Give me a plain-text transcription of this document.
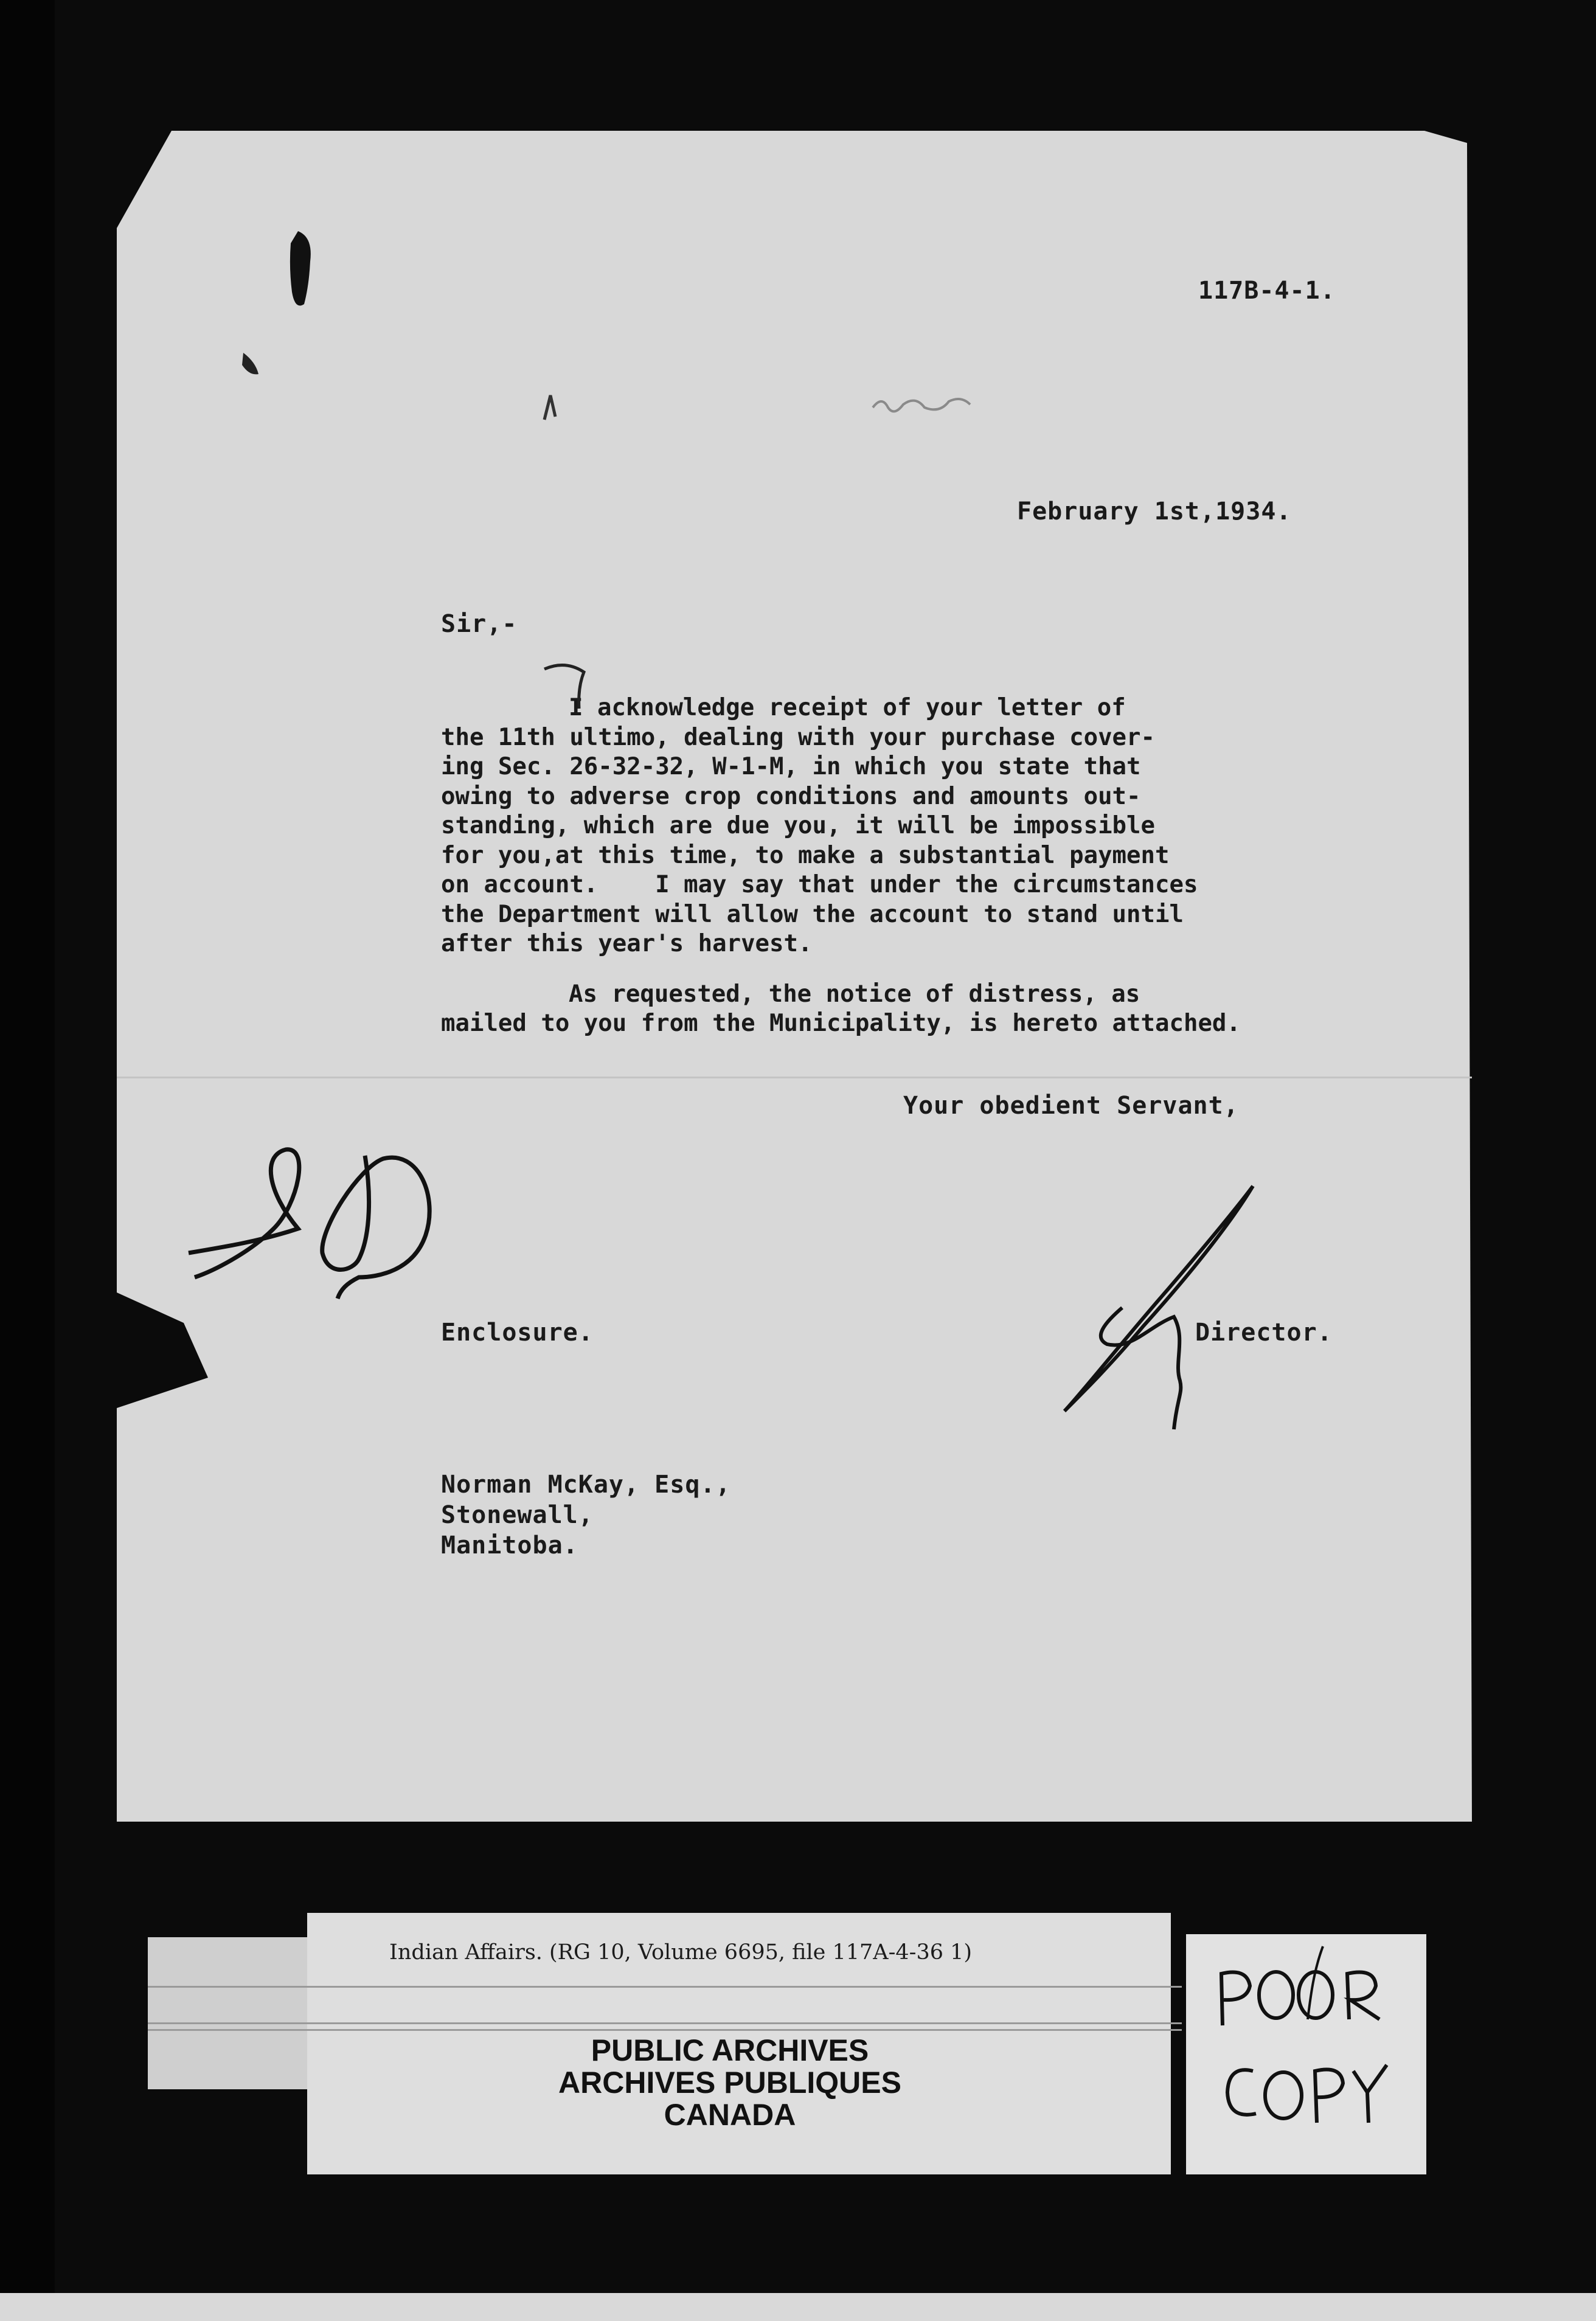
117B-4-1.
February 1st,1934.
Sir,-
I acknowledge receipt of your letter of
the 11th ultimo, dealing with your purchase cover-
ing Sec. 26-32-32, W-1-M, in which you state that
owing to adverse crop conditions and amounts out-
standing, which are due you, it will be impossible
for you,at this time, to make a substantial payment
on account.    I may say that under the circumstances
the Department will allow the account to stand until
after this year's harvest.
As requested, the notice of distress, as
mailed to you from the Municipality, is hereto attached.
Your obedient Servant,
Enclosure.	Director.
Norman McKay, Esq.,
Stonewall,
Manitoba.
Indian Affairs. (RG 10, Volume 6695, file 117A-4-36 1)
PUBLIC ARCHIVES
ARCHIVES PUBLIQUES
CANADA
